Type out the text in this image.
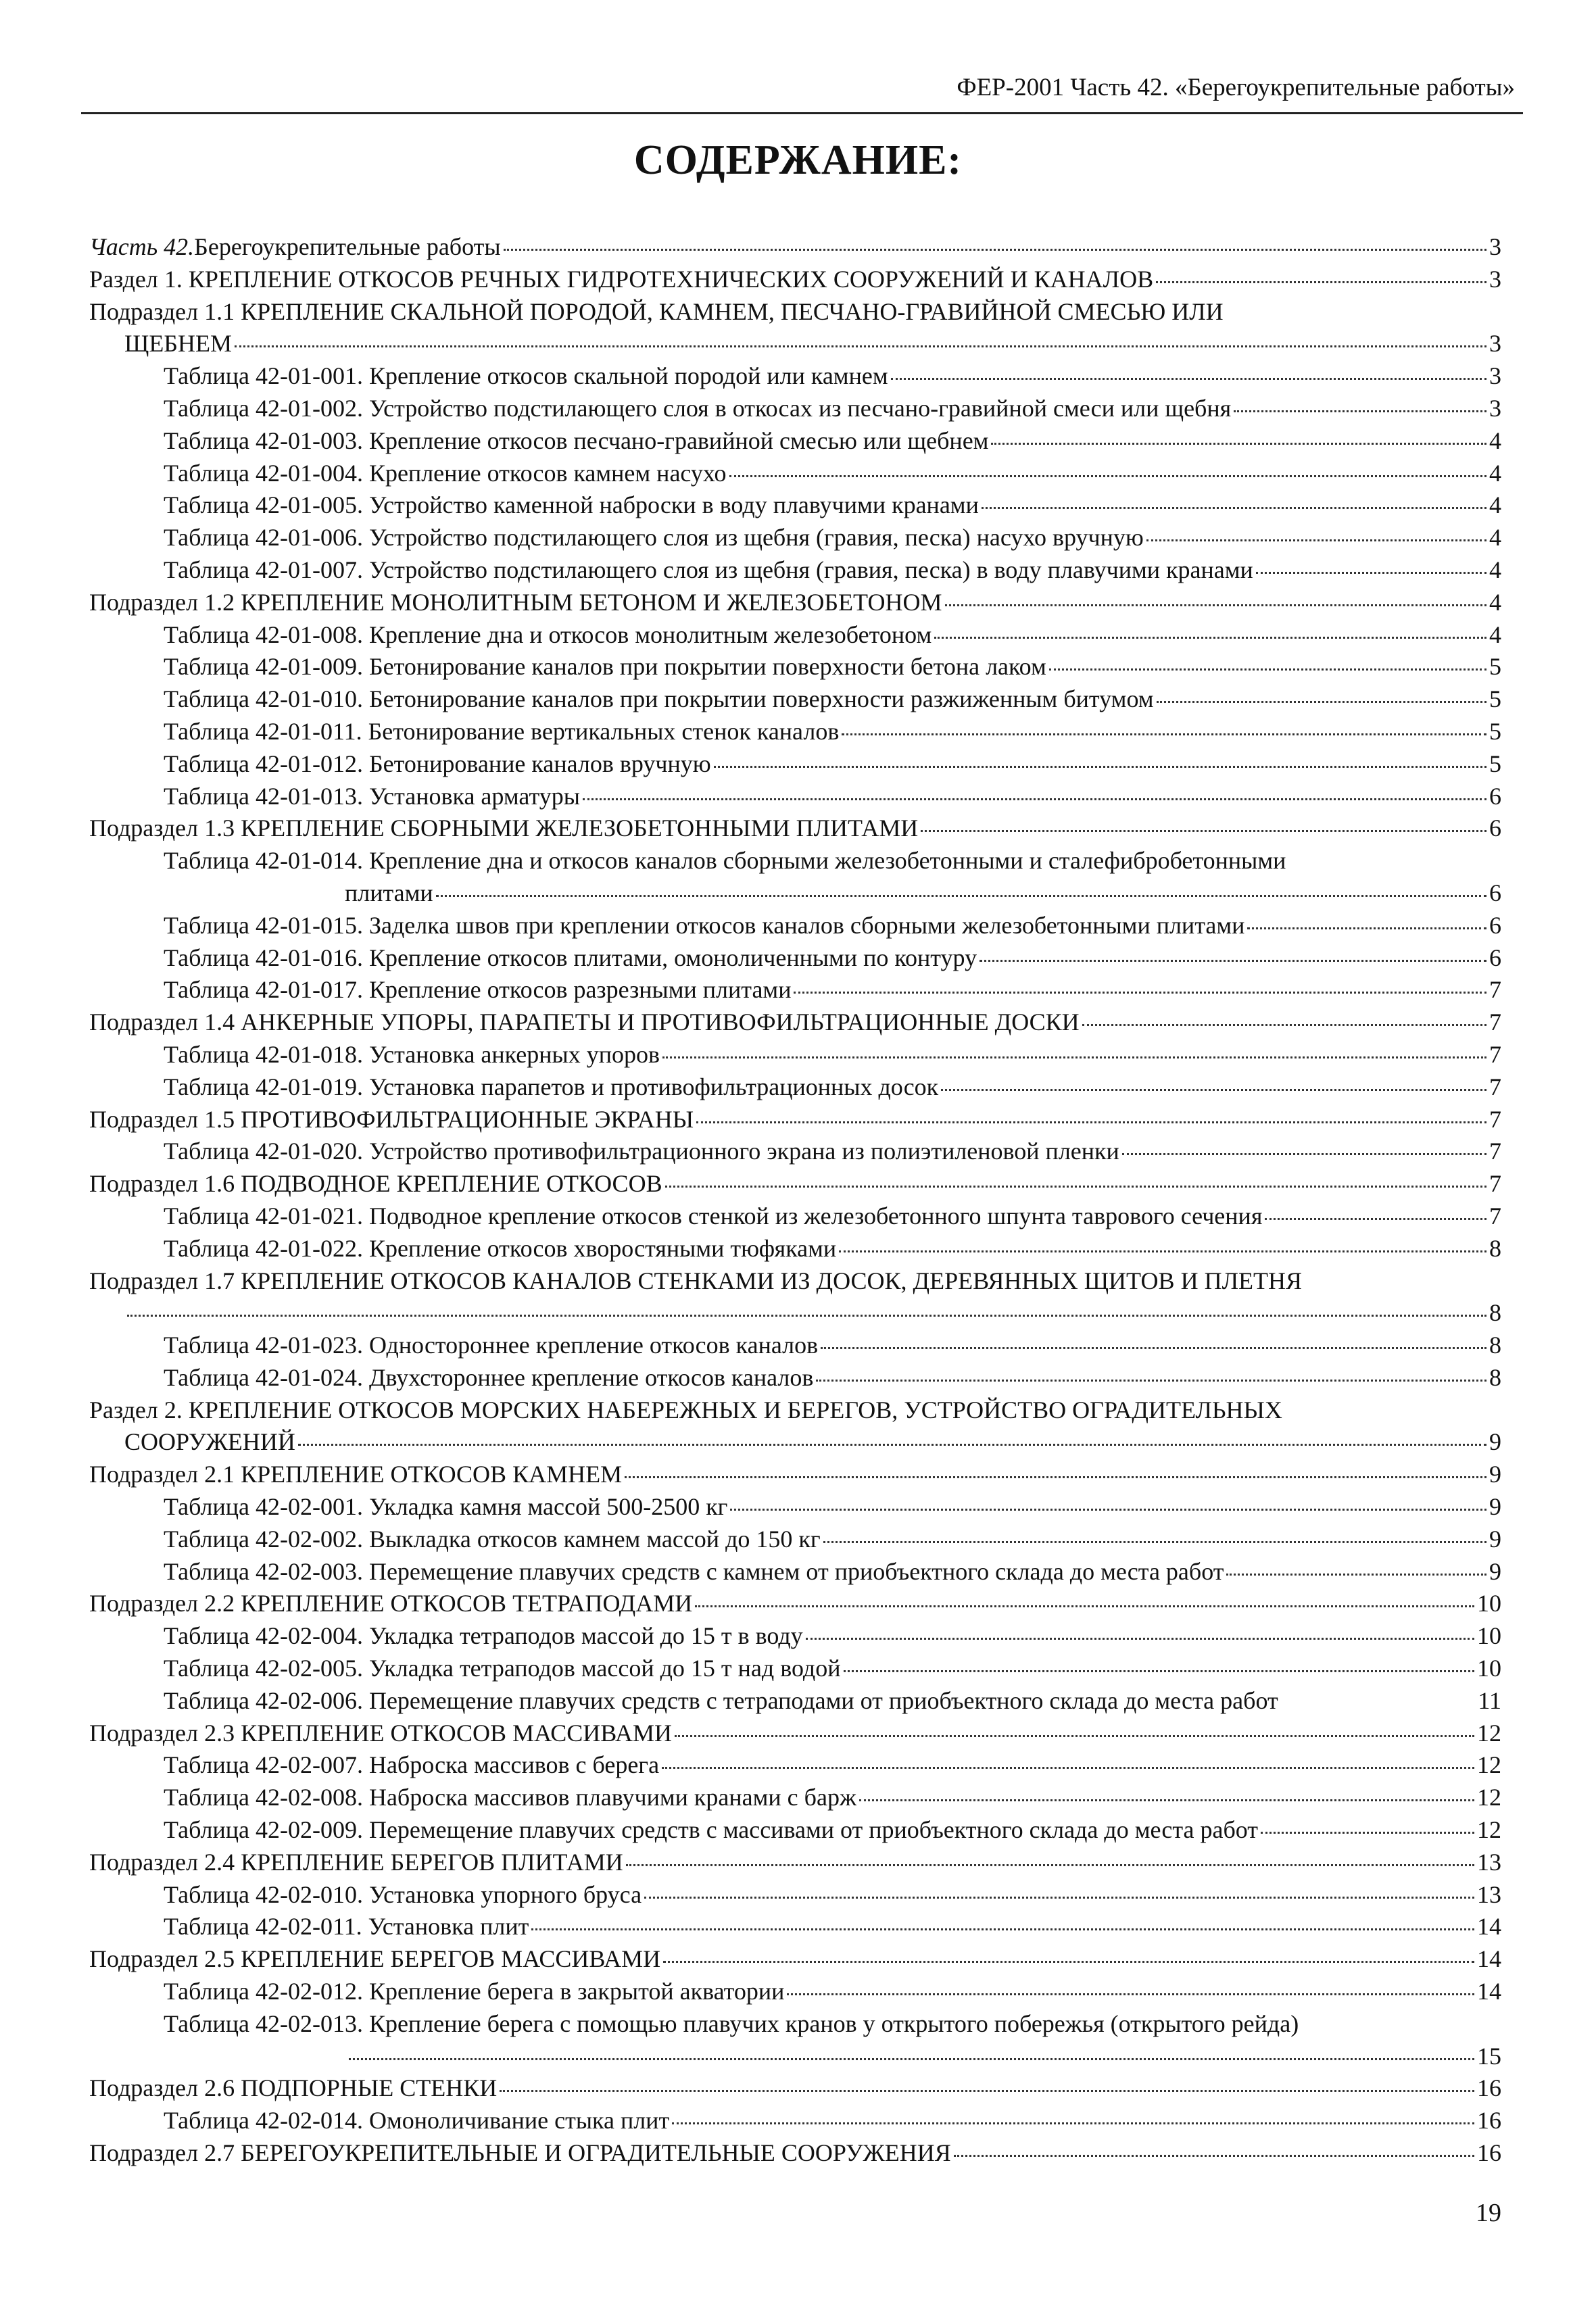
ФЕР-2001 Часть 42. «Берегоукрепительные работы»
СОДЕРЖАНИЕ:
Часть 42. Берегоукрепительные работы	3
Раздел 1. КРЕПЛЕНИЕ ОТКОСОВ РЕЧНЫХ ГИДРОТЕХНИЧЕСКИХ СООРУЖЕНИЙ И КАНАЛОВ	3
Подраздел 1.1 КРЕПЛЕНИЕ СКАЛЬНОЙ ПОРОДОЙ, КАМНЕМ, ПЕСЧАНО-ГРАВИЙНОЙ СМЕСЬЮ ИЛИ
ЩЕБНЕМ	3
Таблица 42-01-001. Крепление откосов скальной породой или камнем	3
Таблица 42-01-002. Устройство подстилающего слоя в откосах из песчано-гравийной смеси или щебня	3
Таблица 42-01-003. Крепление откосов песчано-гравийной смесью или щебнем	4
Таблица 42-01-004. Крепление откосов камнем насухо	4
Таблица 42-01-005. Устройство каменной наброски в воду плавучими кранами	4
Таблица 42-01-006. Устройство подстилающего слоя из щебня (гравия, песка) насухо вручную	4
Таблица 42-01-007. Устройство подстилающего слоя из щебня (гравия, песка) в воду плавучими кранами	4
Подраздел 1.2 КРЕПЛЕНИЕ МОНОЛИТНЫМ БЕТОНОМ И ЖЕЛЕЗОБЕТОНОМ	4
Таблица 42-01-008. Крепление дна и откосов монолитным железобетоном	4
Таблица 42-01-009. Бетонирование каналов при покрытии поверхности бетона лаком	5
Таблица 42-01-010. Бетонирование каналов при покрытии поверхности разжиженным битумом	5
Таблица 42-01-011. Бетонирование вертикальных стенок каналов	5
Таблица 42-01-012. Бетонирование каналов вручную	5
Таблица 42-01-013. Установка арматуры	6
Подраздел 1.3 КРЕПЛЕНИЕ СБОРНЫМИ ЖЕЛЕЗОБЕТОННЫМИ ПЛИТАМИ	6
Таблица 42-01-014. Крепление дна и откосов каналов сборными железобетонными и сталефибробетонными
плитами	6
Таблица 42-01-015. Заделка швов при креплении откосов каналов сборными железобетонными плитами	6
Таблица 42-01-016. Крепление откосов плитами, омоноличенными по контуру	6
Таблица 42-01-017. Крепление откосов разрезными плитами	7
Подраздел 1.4 АНКЕРНЫЕ УПОРЫ, ПАРАПЕТЫ И ПРОТИВОФИЛЬТРАЦИОННЫЕ ДОСКИ	7
Таблица 42-01-018. Установка анкерных упоров	7
Таблица 42-01-019. Установка парапетов и противофильтрационных досок	7
Подраздел 1.5 ПРОТИВОФИЛЬТРАЦИОННЫЕ ЭКРАНЫ	7
Таблица 42-01-020. Устройство противофильтрационного экрана из полиэтиленовой пленки	7
Подраздел 1.6 ПОДВОДНОЕ КРЕПЛЕНИЕ ОТКОСОВ	7
Таблица 42-01-021. Подводное крепление откосов стенкой из железобетонного шпунта таврового сечения	7
Таблица 42-01-022. Крепление откосов хворостяными тюфяками	8
Подраздел 1.7 КРЕПЛЕНИЕ ОТКОСОВ КАНАЛОВ СТЕНКАМИ ИЗ ДОСОК, ДЕРЕВЯННЫХ ЩИТОВ И ПЛЕТНЯ
8
Таблица 42-01-023. Одностороннее крепление откосов каналов	8
Таблица 42-01-024. Двухстороннее крепление откосов каналов	8
Раздел 2. КРЕПЛЕНИЕ ОТКОСОВ МОРСКИХ НАБЕРЕЖНЫХ И БЕРЕГОВ, УСТРОЙСТВО ОГРАДИТЕЛЬНЫХ
СООРУЖЕНИЙ	9
Подраздел 2.1 КРЕПЛЕНИЕ ОТКОСОВ КАМНЕМ	9
Таблица 42-02-001. Укладка камня массой 500-2500 кг	9
Таблица 42-02-002. Выкладка откосов камнем массой до 150 кг	9
Таблица 42-02-003. Перемещение плавучих средств с камнем от приобъектного склада до места работ	9
Подраздел 2.2 КРЕПЛЕНИЕ ОТКОСОВ ТЕТРАПОДАМИ	10
Таблица 42-02-004. Укладка тетраподов массой до 15 т в воду	10
Таблица 42-02-005. Укладка тетраподов массой до 15 т над водой	10
Таблица 42-02-006. Перемещение плавучих средств с тетраподами от приобъектного склада до места работ	11
Подраздел 2.3 КРЕПЛЕНИЕ ОТКОСОВ МАССИВАМИ	12
Таблица 42-02-007. Наброска массивов с берега	12
Таблица 42-02-008. Наброска массивов плавучими кранами с барж	12
Таблица 42-02-009. Перемещение плавучих средств с массивами от приобъектного склада до места работ	12
Подраздел 2.4 КРЕПЛЕНИЕ БЕРЕГОВ ПЛИТАМИ	13
Таблица 42-02-010. Установка упорного бруса	13
Таблица 42-02-011. Установка плит	14
Подраздел 2.5 КРЕПЛЕНИЕ БЕРЕГОВ МАССИВАМИ	14
Таблица 42-02-012. Крепление берега в закрытой акватории	14
Таблица 42-02-013. Крепление берега с помощью плавучих кранов у открытого побережья (открытого рейда)
15
Подраздел 2.6 ПОДПОРНЫЕ СТЕНКИ	16
Таблица 42-02-014. Омоноличивание стыка плит	16
Подраздел 2.7 БЕРЕГОУКРЕПИТЕЛЬНЫЕ И ОГРАДИТЕЛЬНЫЕ СООРУЖЕНИЯ	16
19
